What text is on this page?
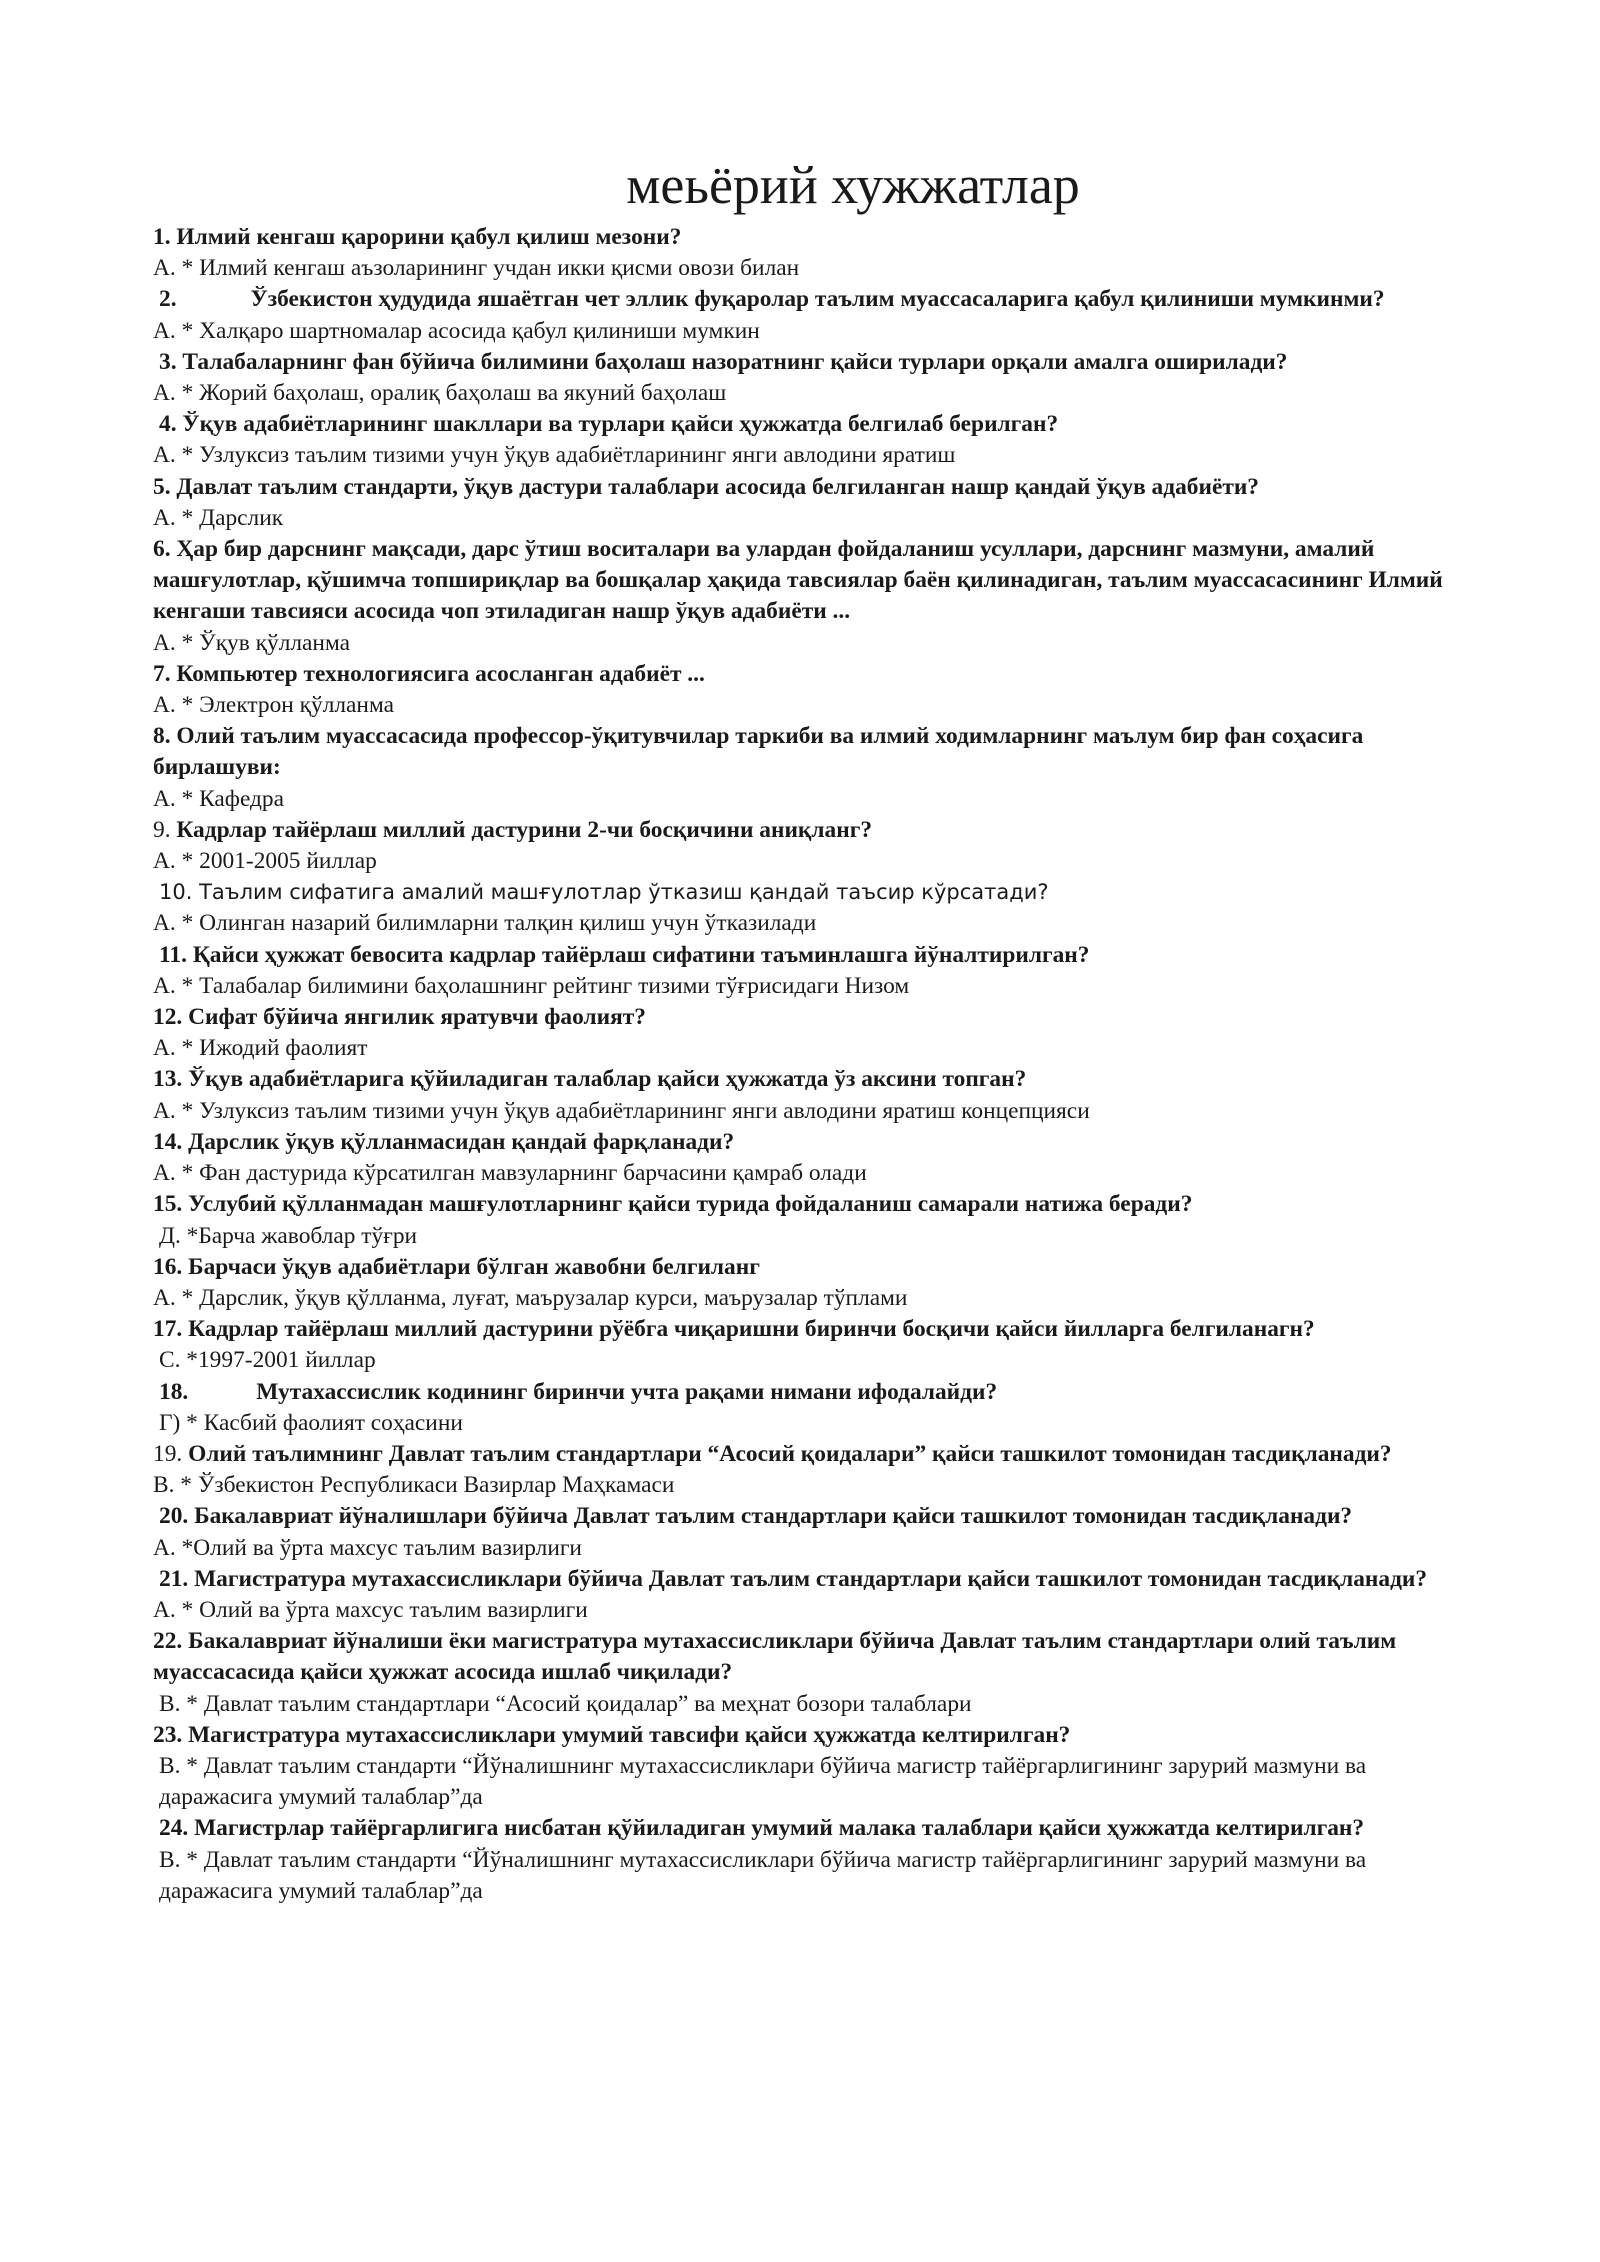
меьёрий хужжатлар

1. Илмий кенгаш қарорини қабул қилиш мезони?

А. * Илмий кенгаш аъзоларининг учдан икки қисми овози билан

2.	Ўзбекистон ҳудудида яшаётган чет эллик фуқаролар таълим муассасаларига қабул қилиниши мумкинми?

А. * Халқаро шартномалар асосида қабул қилиниши мумкин

3. Талабаларнинг фан бўйича билимини баҳолаш назоратнинг қайси турлари орқали амалга оширилади?

А. * Жорий баҳолаш, оралиқ баҳолаш ва якуний баҳолаш

4. Ўқув адабиётларининг шакллари ва турлари қайси ҳужжатда белгилаб берилган?

А. * Узлуксиз таълим тизими учун ўқув адабиётларининг янги авлодини яратиш

5. Давлат таълим стандарти, ўқув дастури талаблари асосида белгиланган нашр қандай ўқув адабиёти?

А. * Дарслик

6. Ҳар бир дарснинг мақсади, дарс ўтиш воситалари ва улардан фойдаланиш усуллари, дарснинг мазмуни, амалий машғулотлар, қўшимча топшириқлар ва бошқалар ҳақида тавсиялар баён қилинадиган, таълим муассасасининг Илмий кенгаши тавсияси асосида чоп этиладиган нашр ўқув адабиёти ...

А. * Ўқув қўлланма

7. Компьютер технологиясига асосланган адабиёт ...

А. * Электрон қўлланма

8. Олий таълим муассасасида профессор-ўқитувчилар таркиби ва илмий ходимларнинг маълум бир фан соҳасига бирлашуви:

А. * Кафедра

9. Кадрлар тайёрлаш миллий дастурини 2-чи босқичини аниқланг?

А. * 2001-2005 йиллар

10. Таълим сифатига амалий машғулотлар ўтказиш қандай таъсир кўрсатади?

А. * Олинган назарий билимларни талқин қилиш учун ўтказилади

11. Қайси ҳужжат бевосита кадрлар тайёрлаш сифатини таъминлашга йўналтирилган?

А. * Талабалар билимини баҳолашнинг рейтинг тизими тўғрисидаги Низом

12. Сифат бўйича янгилик яратувчи фаолият?

А. * Ижодий фаолият

13. Ўқув адабиётларига қўйиладиган талаблар қайси ҳужжатда ўз аксини топган?

А. * Узлуксиз таълим тизими учун ўқув адабиётларининг янги авлодини яратиш концепцияси

14. Дарслик ўқув қўлланмасидан қандай фарқланади?

А. * Фан дастурида кўрсатилган мавзуларнинг барчасини қамраб олади

15. Услубий қўлланмадан машғулотларнинг қайси турида фойдаланиш самарали натижа беради?

Д. *Барча жавоблар тўғри

16. Барчаси ўқув адабиётлари бўлган жавобни белгиланг

А. * Дарслик, ўқув қўлланма, луғат, маърузалар курси, маърузалар тўплами

17. Кадрлар тайёрлаш миллий дастурини рўёбга чиқаришни биринчи босқичи қайси йилларга белгиланагн?

С. *1997-2001 йиллар

18.	Мутахассислик кодининг биринчи учта рақами нимани ифодалайди?

Г) * Касбий фаолият соҳасини

19. Олий таълимнинг Давлат таълим стандартлари “Асосий қоидалари” қайси ташкилот томонидан тасдиқланади?

В. * Ўзбекистон Республикаси Вазирлар Маҳкамаси

20. Бакалавриат йўналишлари бўйича Давлат таълим стандартлари қайси ташкилот томонидан тасдиқланади?

А. *Олий ва ўрта махсус таълим вазирлиги

21. Магистратура мутахассисликлари бўйича Давлат таълим стандартлари қайси ташкилот томонидан тасдиқланади?

А. * Олий ва ўрта махсус таълим вазирлиги

22. Бакалавриат йўналиши ёки магистратура мутахассисликлари бўйича Давлат таълим стандартлари олий таълим муассасасида қайси ҳужжат асосида ишлаб чиқилади?

В. * Давлат таълим стандартлари “Асосий қоидалар” ва меҳнат бозори талаблари

23. Магистратура мутахассисликлари умумий тавсифи қайси ҳужжатда келтирилган?

В. * Давлат таълим стандарти “Йўналишнинг мутахассисликлари бўйича магистр тайёргарлигининг зарурий мазмуни ва даражасига умумий талаблар”да

24. Магистрлар тайёргарлигига нисбатан қўйиладиган умумий малака талаблари қайси ҳужжатда келтирилган?

В. * Давлат таълим стандарти “Йўналишнинг мутахассисликлари бўйича магистр тайёргарлигининг зарурий мазмуни ва даражасига умумий талаблар”да
